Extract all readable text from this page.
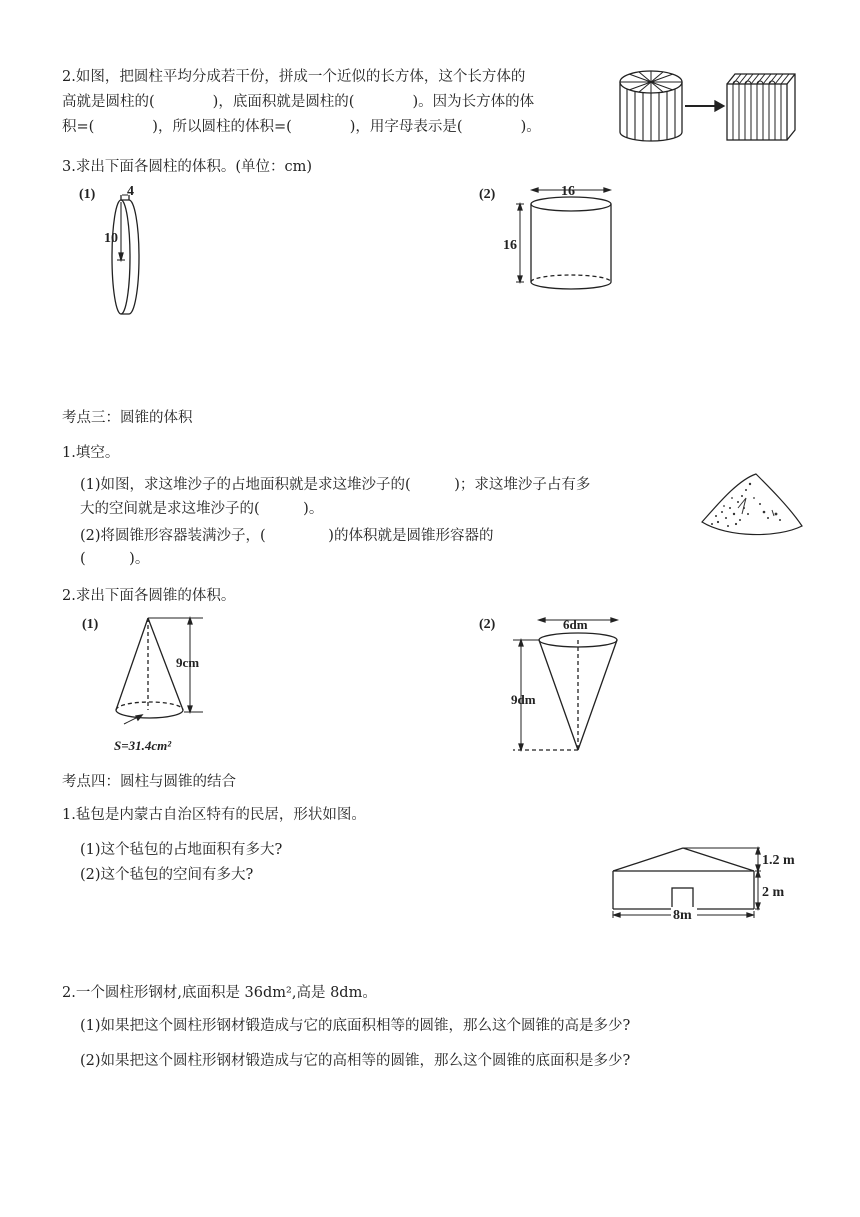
2.如图，把圆柱平均分成若干份，拼成一个近似的长方体，这个长方体的
高就是圆柱的(　　　　)，底面积就是圆柱的(　　　　)。因为长方体的体
积=(　　　　)，所以圆柱的体积=(　　　　)，用字母表示是(　　　　)。
3.求出下面各圆柱的体积。(单位：cm)
(1) 4
10
(2)	16
16
考点三：圆锥的体积
1.填空。
(1)如图，求这堆沙子的占地面积就是求这堆沙子的(　　　)；求这堆沙子占有多
大的空间就是求这堆沙子的(　　　)。
(2)将圆锥形容器装满沙子，(　　　　 )的体积就是圆锥形容器的
(　　　)。
2.求出下面各圆锥的体积。
(1)
9cm
S=31.4cm²
(2)	6dm
9dm
考点四：圆柱与圆锥的结合
1.毡包是内蒙古自治区特有的民居，形状如图。
(1)这个毡包的占地面积有多大?
(2)这个毡包的空间有多大?
1.2 m
2 m
8m
2.一个圆柱形钢材,底面积是 36dm²,高是 8dm。
(1)如果把这个圆柱形钢材锻造成与它的底面积相等的圆锥，那么这个圆锥的高是多少?
(2)如果把这个圆柱形钢材锻造成与它的高相等的圆锥，那么这个圆锥的底面积是多少?
